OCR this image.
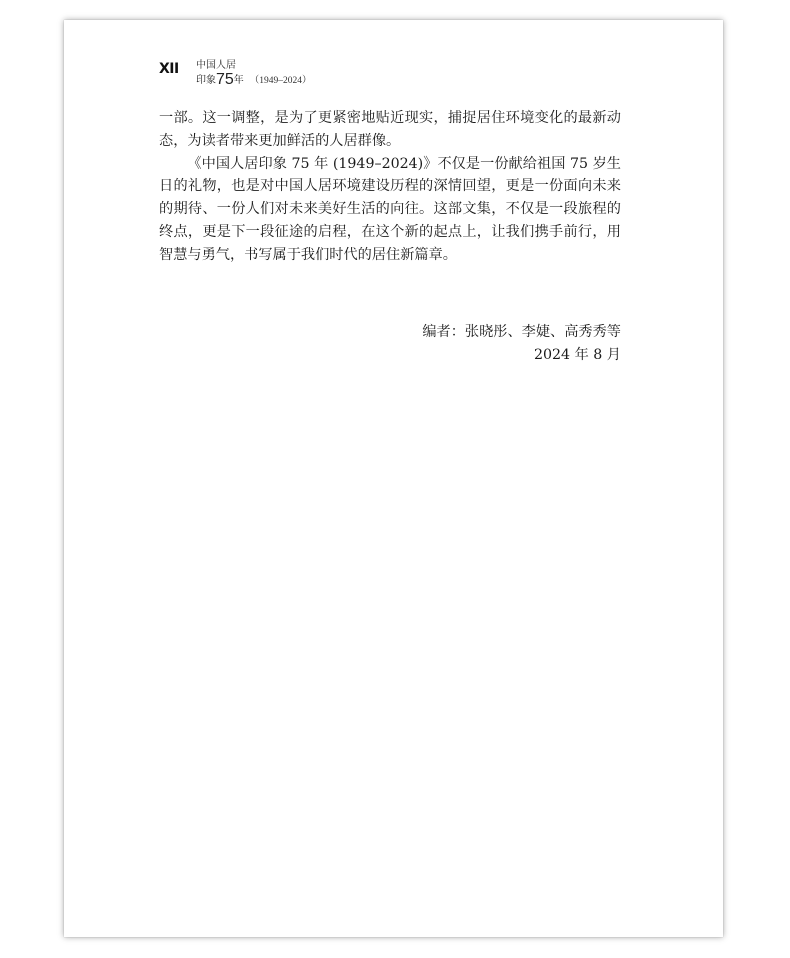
XII 中国人居
印象75年 （1949–2024）

一部。这一调整，是为了更紧密地贴近现实，捕捉居住环境变化的最新动态，为读者带来更加鲜活的人居群像。

《中国人居印象 75 年 (1949–2024)》不仅是一份献给祖国 75 岁生日的礼物，也是对中国人居环境建设历程的深情回望，更是一份面向未来的期待、一份人们对未来美好生活的向往。这部文集，不仅是一段旅程的终点，更是下一段征途的启程，在这个新的起点上，让我们携手前行，用智慧与勇气，书写属于我们时代的居住新篇章。

编者：张晓彤、李婕、高秀秀等
2024 年 8 月
